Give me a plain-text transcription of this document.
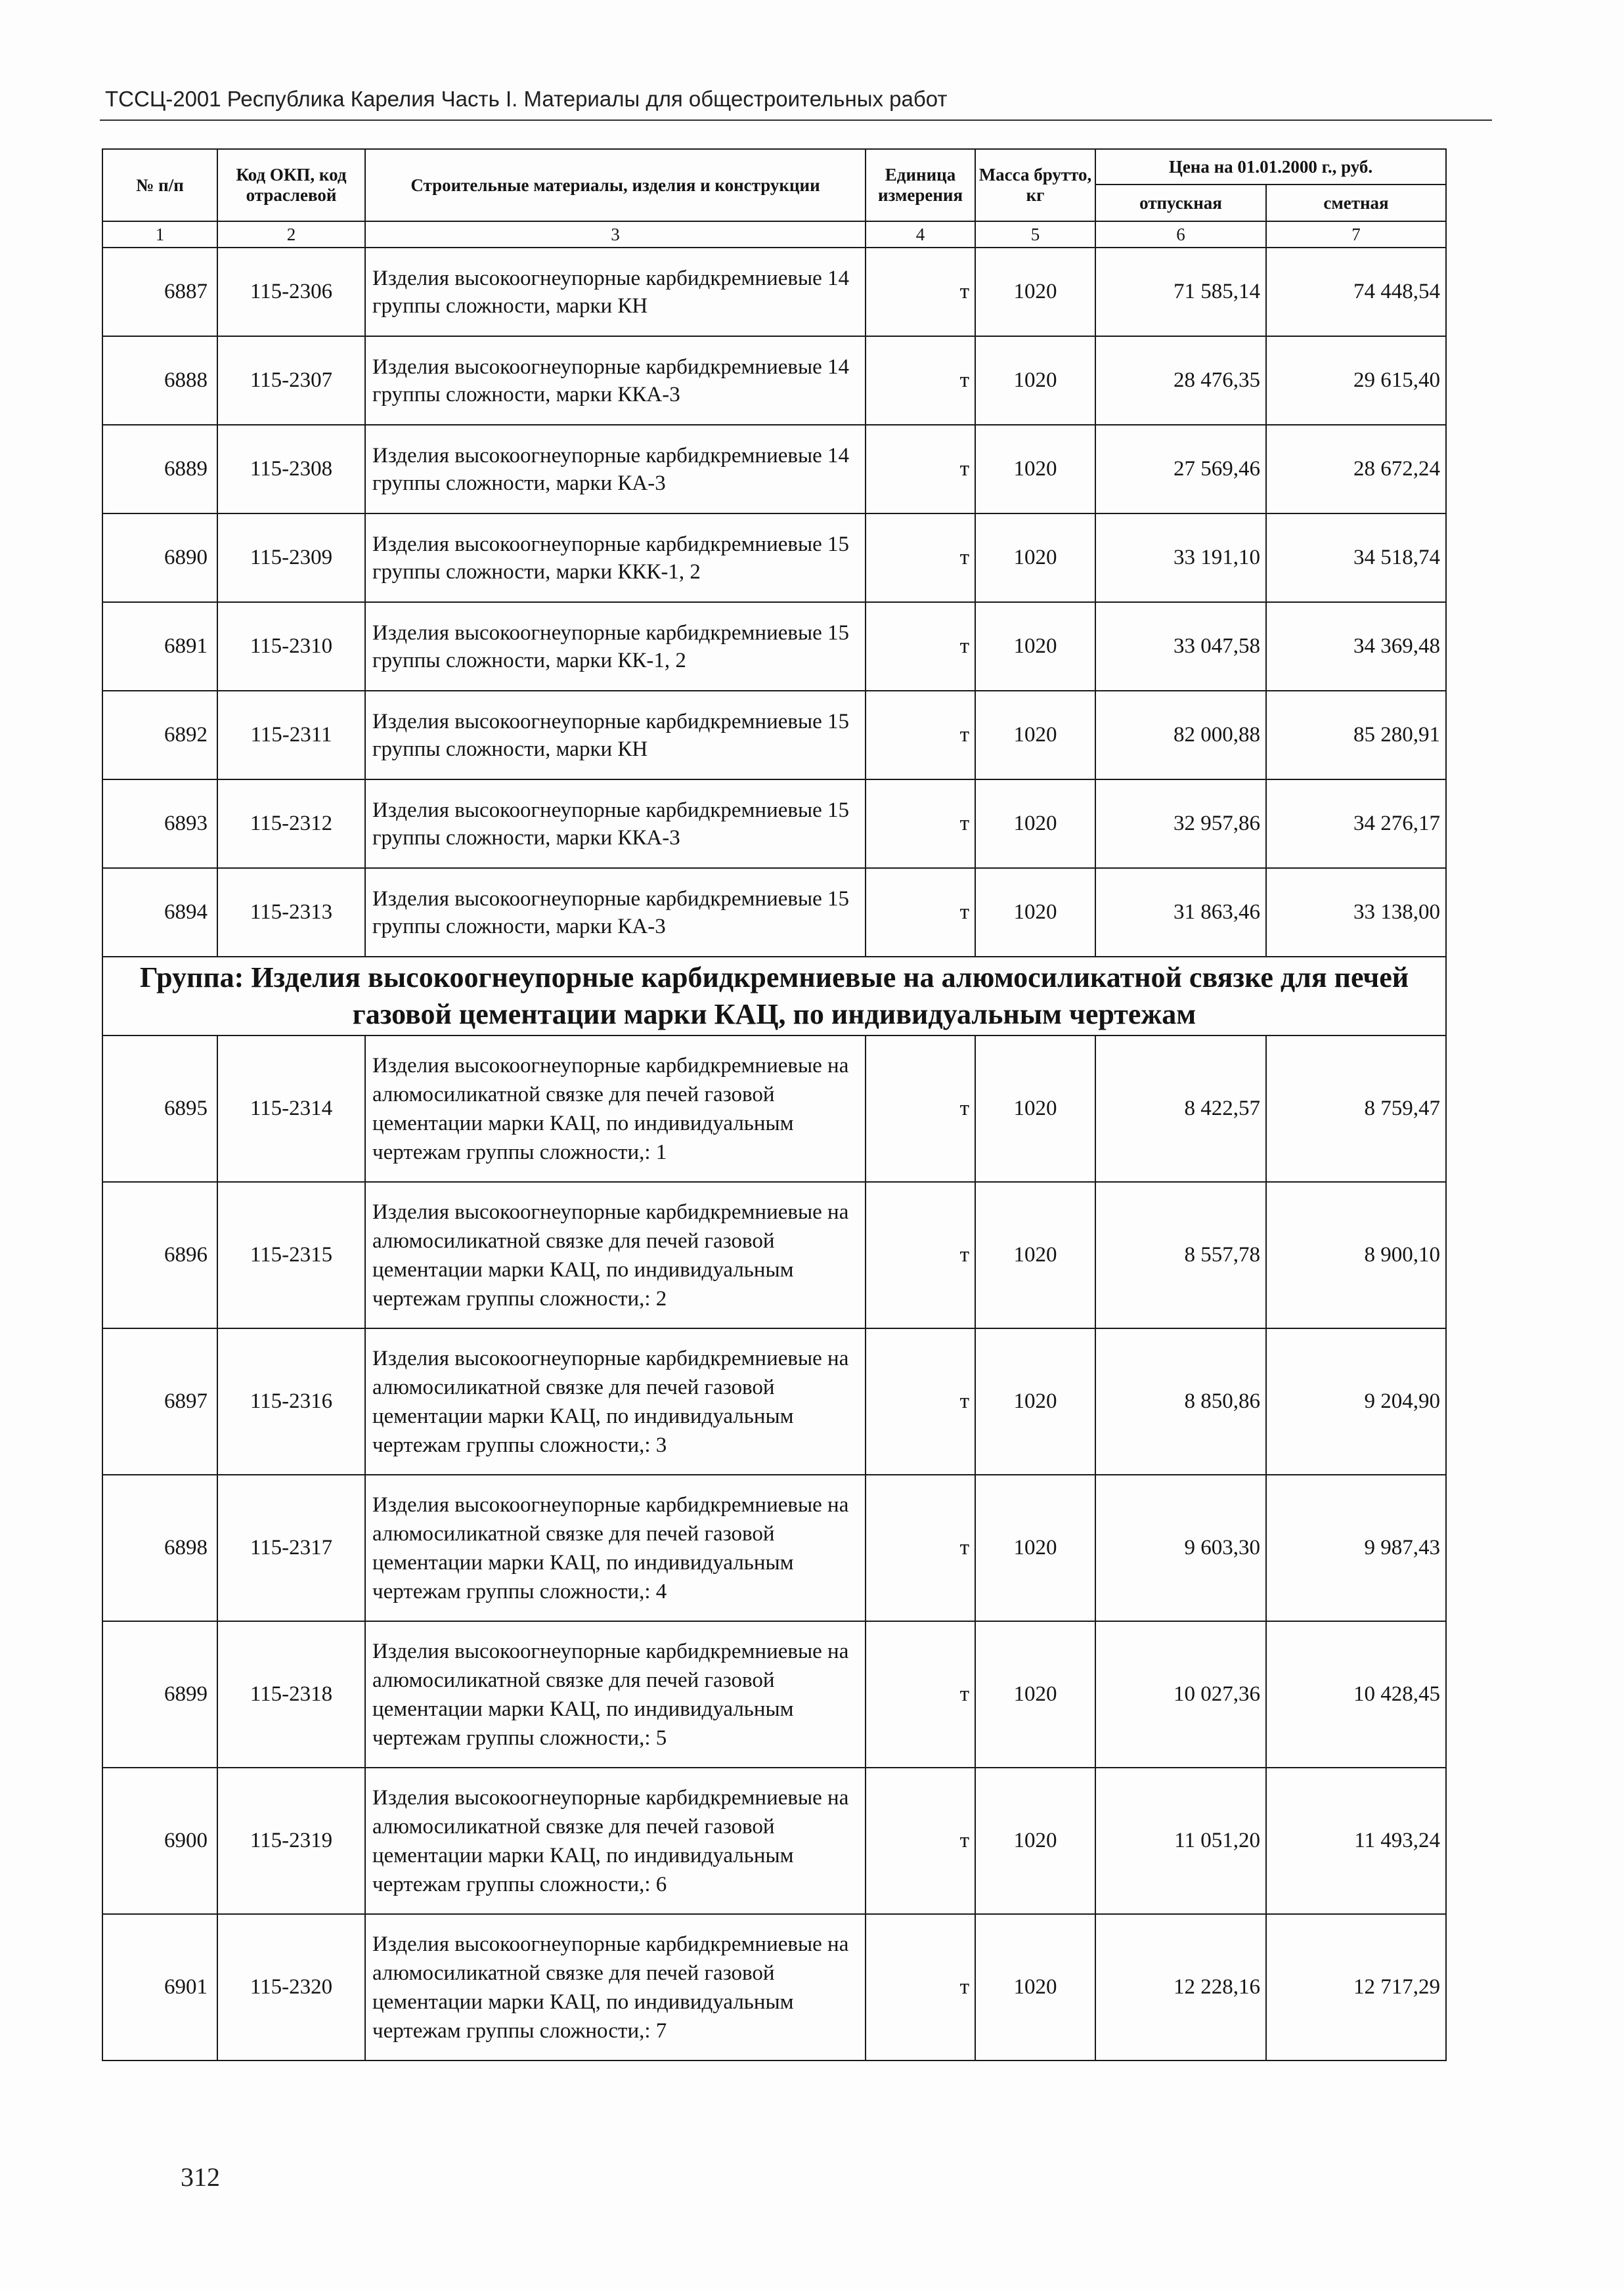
ТССЦ-2001 Республика Карелия Часть I. Материалы для общестроительных работ
№ п/п	Код ОКП, код отраслевой	Строительные материалы, изделия и конструкции	Единица измерения	Масса брутто, кг	Цена на 01.01.2000 г., руб.	
					отпускная	сметная
1	2	3	4	5	6	7
6887	115-2306	Изделия высокоогнеупорные карбидкремниевые 14 группы сложности, марки КН	т	1020	71 585,14	74 448,54
6888	115-2307	Изделия высокоогнеупорные карбидкремниевые 14 группы сложности, марки ККА-3	т	1020	28 476,35	29 615,40
6889	115-2308	Изделия высокоогнеупорные карбидкремниевые 14 группы сложности, марки КА-3	т	1020	27 569,46	28 672,24
6890	115-2309	Изделия высокоогнеупорные карбидкремниевые 15 группы сложности, марки ККК-1, 2	т	1020	33 191,10	34 518,74
6891	115-2310	Изделия высокоогнеупорные карбидкремниевые 15 группы сложности, марки КК-1, 2	т	1020	33 047,58	34 369,48
6892	115-2311	Изделия высокоогнеупорные карбидкремниевые 15 группы сложности, марки КН	т	1020	82 000,88	85 280,91
6893	115-2312	Изделия высокоогнеупорные карбидкремниевые 15 группы сложности, марки ККА-3	т	1020	32 957,86	34 276,17
6894	115-2313	Изделия высокоогнеупорные карбидкремниевые 15 группы сложности, марки КА-3	т	1020	31 863,46	33 138,00
Группа: Изделия высокоогнеупорные карбидкремниевые на алюмосиликатной связке для печей газовой цементации марки КАЦ, по индивидуальным чертежам						
6895	115-2314	Изделия высокоогнеупорные карбидкремниевые на алюмосиликатной связке для печей газовой цементации марки КАЦ, по индивидуальным чертежам группы сложности,: 1	т	1020	8 422,57	8 759,47
6896	115-2315	Изделия высокоогнеупорные карбидкремниевые на алюмосиликатной связке для печей газовой цементации марки КАЦ, по индивидуальным чертежам группы сложности,: 2	т	1020	8 557,78	8 900,10
6897	115-2316	Изделия высокоогнеупорные карбидкремниевые на алюмосиликатной связке для печей газовой цементации марки КАЦ, по индивидуальным чертежам группы сложности,: 3	т	1020	8 850,86	9 204,90
6898	115-2317	Изделия высокоогнеупорные карбидкремниевые на алюмосиликатной связке для печей газовой цементации марки КАЦ, по индивидуальным чертежам группы сложности,: 4	т	1020	9 603,30	9 987,43
6899	115-2318	Изделия высокоогнеупорные карбидкремниевые на алюмосиликатной связке для печей газовой цементации марки КАЦ, по индивидуальным чертежам группы сложности,: 5	т	1020	10 027,36	10 428,45
6900	115-2319	Изделия высокоогнеупорные карбидкремниевые на алюмосиликатной связке для печей газовой цементации марки КАЦ, по индивидуальным чертежам группы сложности,: 6	т	1020	11 051,20	11 493,24
6901	115-2320	Изделия высокоогнеупорные карбидкремниевые на алюмосиликатной связке для печей газовой цементации марки КАЦ, по индивидуальным чертежам группы сложности,: 7	т	1020	12 228,16	12 717,29
312
